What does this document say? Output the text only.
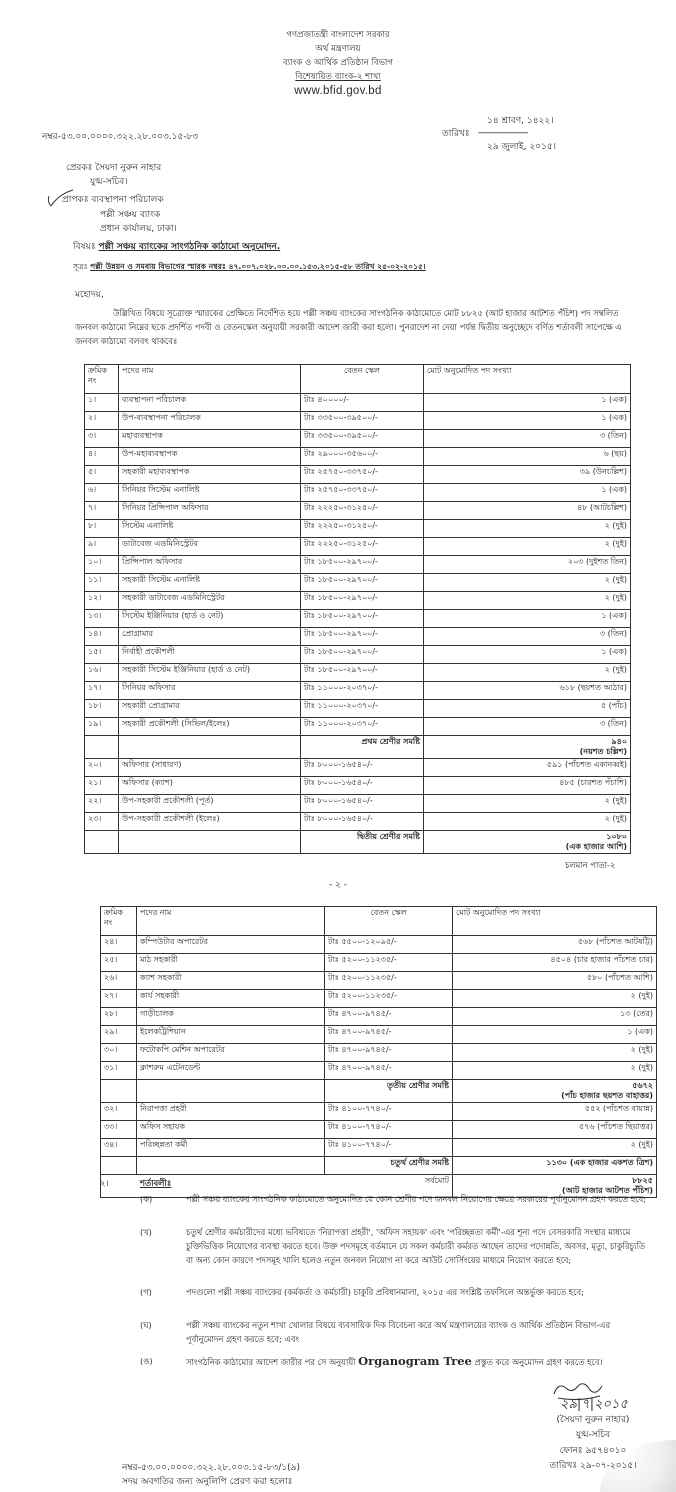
গণপ্রজাতন্ত্রী বাংলাদেশ সরকার
অর্থ মন্ত্রণালয়
ব্যাংক ও আর্থিক প্রতিষ্ঠান বিভাগ
বিশেষায়িত ব্যাংক-২ শাখা
www.bfid.gov.bd
নম্বর-৫৩.০০.০০০০.৩২২.২৮.০০৩.১৫-৮৩
১৪ শ্রাবণ, ১৪২২।
তারিখঃ ----------------------
২৯ জুলাই, ২০১৫।
প্রেরকঃ সৈয়দা নুরুন নাহার
যুগ্ম-সচিব।
প্রাপকঃ ব্যবস্থাপনা পরিচালক
পল্লী সঞ্চয় ব্যাংক
প্রধান কার্যালয়, ঢাকা।
বিষয়ঃ পল্লী সঞ্চয় ব্যাংকের সাংগঠনিক কাঠামো অনুমোদন.
সূত্রঃ পল্লী উন্নয়ন ও সমবায় বিভাগের স্মারক নম্বরঃ ৪৭.০০৭.০২৮.০০.০০.১৫৩.২০১৫-৫৮ তারিখ ২৫-০২-২০১৫।
মহোদয়,

উল্লিখিত বিষয়ে সূত্রোক্ত স্মারকের প্রেক্ষিতে নির্দেশিত হয়ে পল্লী সঞ্চয় ব্যাংকের সাংগঠনিক কাঠামোতে মোট ৮৮২৫ (আট হাজার আটশত পঁচিশ) পদ সম্বলিত জনবল কাঠামো নিম্নের ছকে প্রদর্শিত পদবী ও বেতনস্কেল অনুযায়ী সরকারী আদেশ জারী করা হলো। পুনরাদেশ না দেয়া পর্যন্ত দ্বিতীয় অনুচ্ছেদে বর্ণিত শর্তাবলী সাপেক্ষে এ জনবল কাঠামো বলবৎ থাকবেঃ

ক্রমিক নং	পদের নাম	বেতন স্কেল	মোট অনুমোদিত পদ সংখ্যা
১।	ব্যবস্থাপনা পরিচালক	টাঃ ৪০০০০/-	১ (এক)
২।	উপ-ব্যবস্থাপনা পরিচালক	টাঃ ৩৩৫০০-৩৯৫০০/-	১ (এক)
৩।	মহাব্যবস্থাপক	টাঃ ৩৩৫০০-৩৯৫০০/-	৩ (তিন)
৪।	উপ-মহাব্যবস্থাপক	টাঃ ২৯০০০-৩৫৬০০/-	৬ (ছয়)
৫।	সহকারী মহাব্যবস্থাপক	টাঃ ২৫৭৫০-৩৩৭৫০/-	৩৯ (উনচল্লিশ)
৬।	সিনিয়র সিস্টেম এনালিষ্ট	টাঃ ২৫৭৫০-৩৩৭৫০/-	১ (এক)
৭।	সিনিয়র প্রিন্সিপাল অফিসার	টাঃ ২২২৫০-৩১২৫০/-	৪৮ (আটচল্লিশ)
৮।	সিস্টেম এনালিষ্ট	টাঃ ২২২৫০-৩১২৫০/-	২ (দুই)
৯।	ডাটাবেজ এডমিনিস্ট্রেটর	টাঃ ২২২৫০-৩১২৫০/-	২ (দুই)
১০।	প্রিন্সিপাল অফিসার	টাঃ ১৮৫০০-২৯৭০০/-	২০৩ (দুইশত তিন)
১১।	সহকারী সিস্টেম এনালিষ্ট	টাঃ ১৮৫০০-২৯৭০০/-	২ (দুই)
১২।	সহকারী ডাটাবেজ এডমিনিস্ট্রেটর	টাঃ ১৮৫০০-২৯৭০০/-	২ (দুই)
১৩।	সিস্টেম ইঞ্জিনিয়ার (হার্ড ও নেট)	টাঃ ১৮৫০০-২৯৭০০/-	১ (এক)
১৪।	প্রোগ্রামার	টাঃ ১৮৫০০-২৯৭০০/-	৩ (তিন)
১৫।	নির্বাহী প্রকৌশলী	টাঃ ১৮৫০০-২৯৭০০/-	১ (এক)
১৬।	সহকারী সিস্টেম ইঞ্জিনিয়ার (হার্ড ও নেট)	টাঃ ১৮৫০০-২৯৭০০/-	২ (দুই)
১৭।	সিনিয়র অফিসার	টাঃ ১১০০০-২০৩৭০/-	৬১৮ (ছয়শত আঠার)
১৮।	সহকারী প্রোগ্রামার	টাঃ ১১০০০-২০৩৭০/-	৫ (পাঁচ)
১৯।	সহকারী প্রকৌশলী (সিভিল/ইলেঃ)	টাঃ ১১০০০-২০৩৭০/-	৩ (তিন)
		প্রথম শ্রেণীর সমষ্টি	৯৪০
(নয়শত চল্লিশ)

২০।	অফিসার (সাধারণ)	টাঃ ৮০০০-১৬৫৪০/-	৫৯১ (পাঁচশত একানব্বই)
২১।	অফিসার (ক্যাশ)	টাঃ ৮০০০-১৬৫৪০/-	৪৮৫ (চারশত পঁচাশি)
২২।	উপ-সহকারী প্রকৌশলী (পূর্ত)	টাঃ ৮০০০-১৬৫৪০/-	২ (দুই)
২৩।	উপ-সহকারী প্রকৌশলী (ইলেঃ)	টাঃ ৮০০০-১৬৫৪০/-	২ (দুই)
		দ্বিতীয় শ্রেণীর সমষ্টি	১০৮০
(এক হাজার আশি)
চলমান পাতা-২
- ২ -
ক্রমিক নং	পদের নাম	বেতন স্কেল	মোট অনুমোদিত পদ সংখ্যা
২৪।	কম্পিউটার অপারেটর	টাঃ ৫৫০০-১২০৯৫/-	৫৬৮ (পাঁচশত আটষট্টি)
২৫।	মাঠ সহকারী	টাঃ ৫২০০-১১২৩৫/-	৪৫০৪ (চার হাজার পাঁচশত চার)
২৬।	ক্যাশ সহকারী	টাঃ ৫২০০-১১২৩৫/-	৫৮০ (পাঁচশত আশি)
২৭।	কার্য সহকারী	টাঃ ৫২০০-১১২৩৫/-	২ (দুই)
২৮।	গাড়ীচালক	টাঃ ৪৭০০-৯৭৪৫/-	১৩ (তের)
২৯।	ইলেকট্রিশিয়ান	টাঃ ৪৭০০-৯৭৪৫/-	১ (এক)
৩০।	ফটোকপি মেশিন অপারেটর	টাঃ ৪৭০০-৯৭৪৫/-	২ (দুই)
৩১।	ক্লাশরুম এটেনডেন্ট	টাঃ ৪৭০০-৯৭৪৫/-	২ (দুই)
		তৃতীয় শ্রেণীর সমষ্টি	৫৬৭২
(পাঁচ হাজার ছয়শত বাহাত্তর)

৩২।	নিরাপত্তা প্রহরী	টাঃ ৪১০০-৭৭৪০/-	৫৫২ (পাঁচশত বায়ান্ন)
৩৩।	অফিস সহায়ক	টাঃ ৪১০০-৭৭৪০/-	৫৭৬ (পাঁচশত ছিয়াত্তর)
৩৪।	পরিচ্ছন্নতা কর্মী	টাঃ ৪১০০-৭৭৪০/-	২ (দুই)
		চতুর্থ শ্রেণীর সমষ্টি	১১৩০ (এক হাজার একশত ত্রিশ)
সর্বমোট			৮৮২৫
(আট হাজার আটশত পঁচিশ)
২।	শর্তাবলীঃ
(ক)	পল্লী সঞ্চয় ব্যাংকের সাংগঠনিক কাঠামোতে অনুমোদিত যে কোন শ্রেণীর পদে জনবল নিয়োগের ক্ষেত্রে সরকারের পূর্বানুমোদন গ্রহণ করতে হবে;
(খ)	চতুর্থ শ্রেণীর কর্মচারীদের মধ্যে ভবিষ্যতে 'নিরাপত্তা প্রহরী', 'অফিস সহায়ক' এবং 'পরিচ্ছন্নতা কর্মী'-এর শূন্য পদে বেসরকারি সংস্থার মাধ্যমে চুক্তিভিত্তিক নিয়োগের ব্যবস্থা করতে হবে। উক্ত পদসমূহে বর্তমানে যে সকল কর্মচারী কর্মরত আছেন তাদের পদোন্নতি, অবসর, মৃত্যু, চাকুরিচ্যুতি বা অন্য কোন কারণে পদসমূহ খালি হলেও নতুন জনবল নিয়োগ না করে আউট সোর্সিংয়ের মাধ্যমে নিয়োগ করতে হবে;
(গ)	পদগুলো পল্লী সঞ্চয় ব্যাংকের (কর্মকর্তা ও কর্মচারী) চাকুরি প্রবিধানমালা, ২০১৫ এর সংশ্লিষ্ট তফসিলে অন্তর্ভুক্ত করতে হবে;
(ঘ)	পল্লী সঞ্চয় ব্যাংকের নতুন শাখা খোলার বিষয়ে ব্যবসায়িক দিক বিবেচনা করে অর্থ মন্ত্রণালয়ের ব্যাংক ও আর্থিক প্রতিষ্ঠান বিভাগ-এর পূর্বানুমোদন গ্রহণ করতে হবে; এবং
(ঙ)	সাংগঠনিক কাঠামোর আদেশ জারীর পর সে অনুযায়ী Organogram Tree প্রস্তুত করে অনুমোদন গ্রহণ করতে হবে।
২৯|৭|২০১৫
(সৈয়দা নুরুন নাহার)
যুগ্ম-সচিব
ফোনঃ ৯৫৭৪০১০
তারিখঃ ২৯-০৭-২০১৫।
নম্বর-৫৩.০০.০০০০.৩২২.২৮.০০৩.১৫-৮৩/১(৯)
সদয় অবগতির জন্য অনুলিপি প্রেরণ করা হলোঃ
